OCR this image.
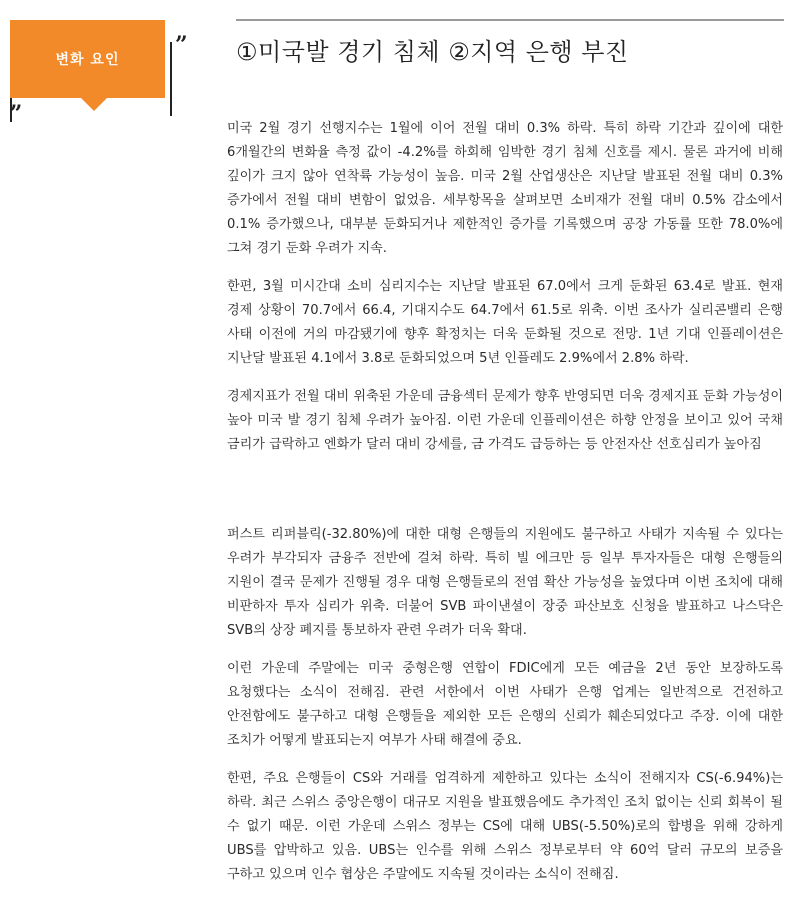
변화 요인
”
„
①미국발 경기 침체 ②지역 은행 부진

미국 2월 경기 선행지수는 1월에 이어 전월 대비 0.3% 하락. 특히 하락 기간과 깊이에 대한 6개월간의 변화율 측정 값이 -4.2%를 하회해 임박한 경기 침체 신호를 제시. 물론 과거에 비해 깊이가 크지 않아 연착륙 가능성이 높음. 미국 2월 산업생산은 지난달 발표된 전월 대비 0.3% 증가에서 전월 대비 변함이 없었음. 세부항목을 살펴보면 소비재가 전월 대비 0.5% 감소에서 0.1% 증가했으나, 대부분 둔화되거나 제한적인 증가를 기록했으며 공장 가동률 또한 78.0%에 그쳐 경기 둔화 우려가 지속.

한편, 3월 미시간대 소비 심리지수는 지난달 발표된 67.0에서 크게 둔화된 63.4로 발표. 현재 경제 상황이 70.7에서 66.4, 기대지수도 64.7에서 61.5로 위축. 이번 조사가 실리콘밸리 은행 사태 이전에 거의 마감됐기에 향후 확정치는 더욱 둔화될 것으로 전망. 1년 기대 인플레이션은 지난달 발표된 4.1에서 3.8로 둔화되었으며 5년 인플레도 2.9%에서 2.8% 하락.

경제지표가 전월 대비 위축된 가운데 금융섹터 문제가 향후 반영되면 더욱 경제지표 둔화 가능성이 높아 미국 발 경기 침체 우려가 높아짐. 이런 가운데 인플레이션은 하향 안정을 보이고 있어 국채 금리가 급락하고 엔화가 달러 대비 강세를, 금 가격도 급등하는 등 안전자산 선호심리가 높아짐

퍼스트 리퍼블릭(-32.80%)에 대한 대형 은행들의 지원에도 불구하고 사태가 지속될 수 있다는 우려가 부각되자 금융주 전반에 걸쳐 하락. 특히 빌 에크만 등 일부 투자자들은 대형 은행들의 지원이 결국 문제가 진행될 경우 대형 은행들로의 전염 확산 가능성을 높였다며 이번 조치에 대해 비판하자 투자 심리가 위축. 더불어 SVB 파이낸셜이 장중 파산보호 신청을 발표하고 나스닥은 SVB의 상장 폐지를 통보하자 관련 우려가 더욱 확대.

이런 가운데 주말에는 미국 중형은행 연합이 FDIC에게 모든 예금을 2년 동안 보장하도록 요청했다는 소식이 전해짐. 관련 서한에서 이번 사태가 은행 업계는 일반적으로 건전하고 안전함에도 불구하고 대형 은행들을 제외한 모든 은행의 신뢰가 훼손되었다고 주장. 이에 대한 조치가 어떻게 발표되는지 여부가 사태 해결에 중요.

한편, 주요 은행들이 CS와 거래를 엄격하게 제한하고 있다는 소식이 전해지자 CS(-6.94%)는 하락. 최근 스위스 중앙은행이 대규모 지원을 발표했음에도 추가적인 조치 없이는 신뢰 회복이 될 수 없기 때문. 이런 가운데 스위스 정부는 CS에 대해 UBS(-5.50%)로의 합병을 위해 강하게 UBS를 압박하고 있음. UBS는 인수를 위해 스위스 정부로부터 약 60억 달러 규모의 보증을 구하고 있으며 인수 협상은 주말에도 지속될 것이라는 소식이 전해짐.
